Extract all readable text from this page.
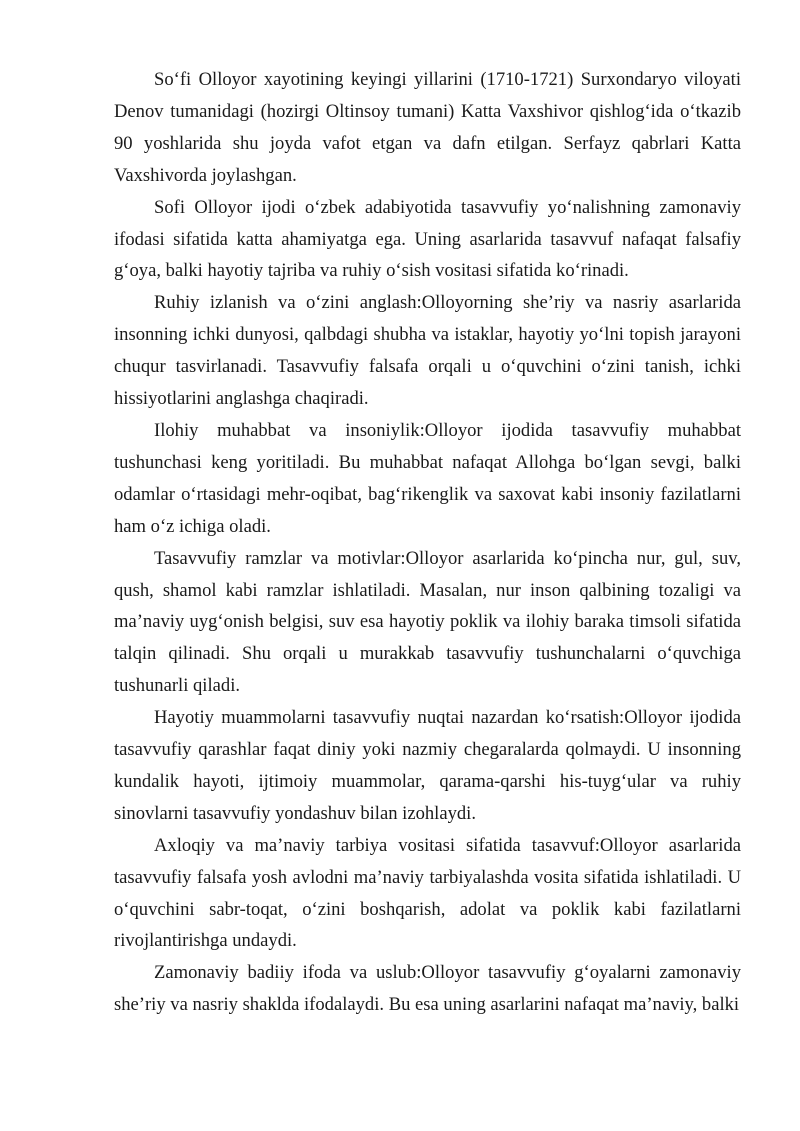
So‘fi Olloyor xayotining keyingi yillarini (1710-1721) Surxondaryo viloyati Denov tumanidagi (hozirgi Oltinsoy tumani) Katta Vaxshivor qishlog‘ida o‘tkazib 90 yoshlarida shu joyda vafot etgan va dafn etilgan. Serfayz qabrlari Katta Vaxshivorda joylashgan.

Sofi Olloyor ijodi o‘zbek adabiyotida tasavvufiy yo‘nalishning zamonaviy ifodasi sifatida katta ahamiyatga ega. Uning asarlarida tasavvuf nafaqat falsafiy g‘oya, balki hayotiy tajriba va ruhiy o‘sish vositasi sifatida ko‘rinadi.

Ruhiy izlanish va o‘zini anglash:Olloyorning she’riy va nasriy asarlarida insonning ichki dunyosi, qalbdagi shubha va istaklar, hayotiy yo‘lni topish jarayoni chuqur tasvirlanadi. Tasavvufiy falsafa orqali u o‘quvchini o‘zini tanish, ichki hissiyotlarini anglashga chaqiradi.

Ilohiy muhabbat va insoniylik:Olloyor ijodida tasavvufiy muhabbat tushunchasi keng yoritiladi. Bu muhabbat nafaqat Allohga bo‘lgan sevgi, balki odamlar o‘rtasidagi mehr-oqibat, bag‘rikenglik va saxovat kabi insoniy fazilatlarni ham o‘z ichiga oladi.

Tasavvufiy ramzlar va motivlar:Olloyor asarlarida ko‘pincha nur, gul, suv, qush, shamol kabi ramzlar ishlatiladi. Masalan, nur inson qalbining tozaligi va ma’naviy uyg‘onish belgisi, suv esa hayotiy poklik va ilohiy baraka timsoli sifatida talqin qilinadi. Shu orqali u murakkab tasavvufiy tushunchalarni o‘quvchiga tushunarli qiladi.

Hayotiy muammolarni tasavvufiy nuqtai nazardan ko‘rsatish:Olloyor ijodida tasavvufiy qarashlar faqat diniy yoki nazmiy chegaralarda qolmaydi. U insonning kundalik hayoti, ijtimoiy muammolar, qarama-qarshi his-tuyg‘ular va ruhiy sinovlarni tasavvufiy yondashuv bilan izohlaydi.

Axloqiy va ma’naviy tarbiya vositasi sifatida tasavvuf:Olloyor asarlarida tasavvufiy falsafa yosh avlodni ma’naviy tarbiyalashda vosita sifatida ishlatiladi. U o‘quvchini sabr-toqat, o‘zini boshqarish, adolat va poklik kabi fazilatlarni rivojlantirishga undaydi.

Zamonaviy badiiy ifoda va uslub:Olloyor tasavvufiy g‘oyalarni zamonaviy she’riy va nasriy shaklda ifodalaydi. Bu esa uning asarlarini nafaqat ma’naviy, balki
